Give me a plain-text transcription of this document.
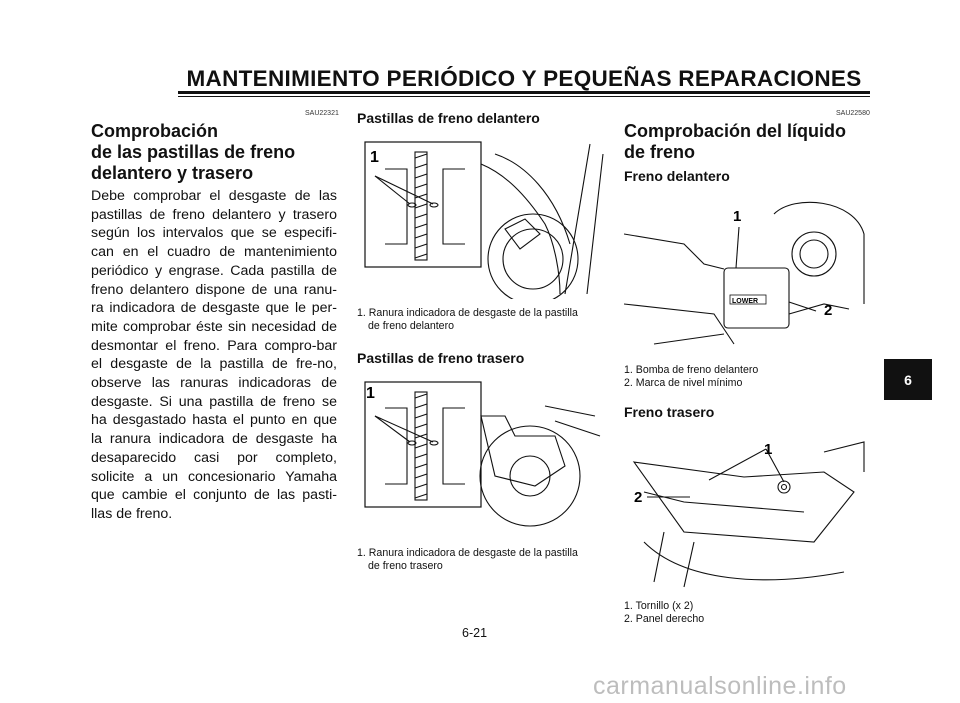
MANTENIMIENTO PERIÓDICO Y PEQUEÑAS REPARACIONES
SAU22321
Comprobación
de las pastillas de freno
delantero y trasero
Debe comprobar el desgaste de las pastillas de freno delantero y trasero según los intervalos que se especifi-can en el cuadro de mantenimiento periódico y engrase. Cada pastilla de freno delantero dispone de una ranu-ra indicadora de desgaste que le per-mite comprobar éste sin necesidad de desmontar el freno. Para compro-bar el desgaste de la pastilla de fre-no, observe las ranuras indicadoras de desgaste. Si una pastilla de freno se ha desgastado hasta el punto en que la ranura indicadora de desgaste ha desaparecido casi por completo, solicite a un concesionario Yamaha que cambie el conjunto de las pasti-llas de freno.
Pastillas de freno delantero
1
1. Ranura indicadora de desgaste de la pastilla
de freno delantero
Pastillas de freno trasero
1
1. Ranura indicadora de desgaste de la pastilla
de freno trasero
SAU22580
Comprobación del líquido
de freno
Freno delantero
LOWER
1
2
1. Bomba de freno delantero
2. Marca de nivel mínimo
Freno trasero
1
2
1. Tornillo (x 2)
2. Panel derecho
6
6-21
carmanualsonline.info
